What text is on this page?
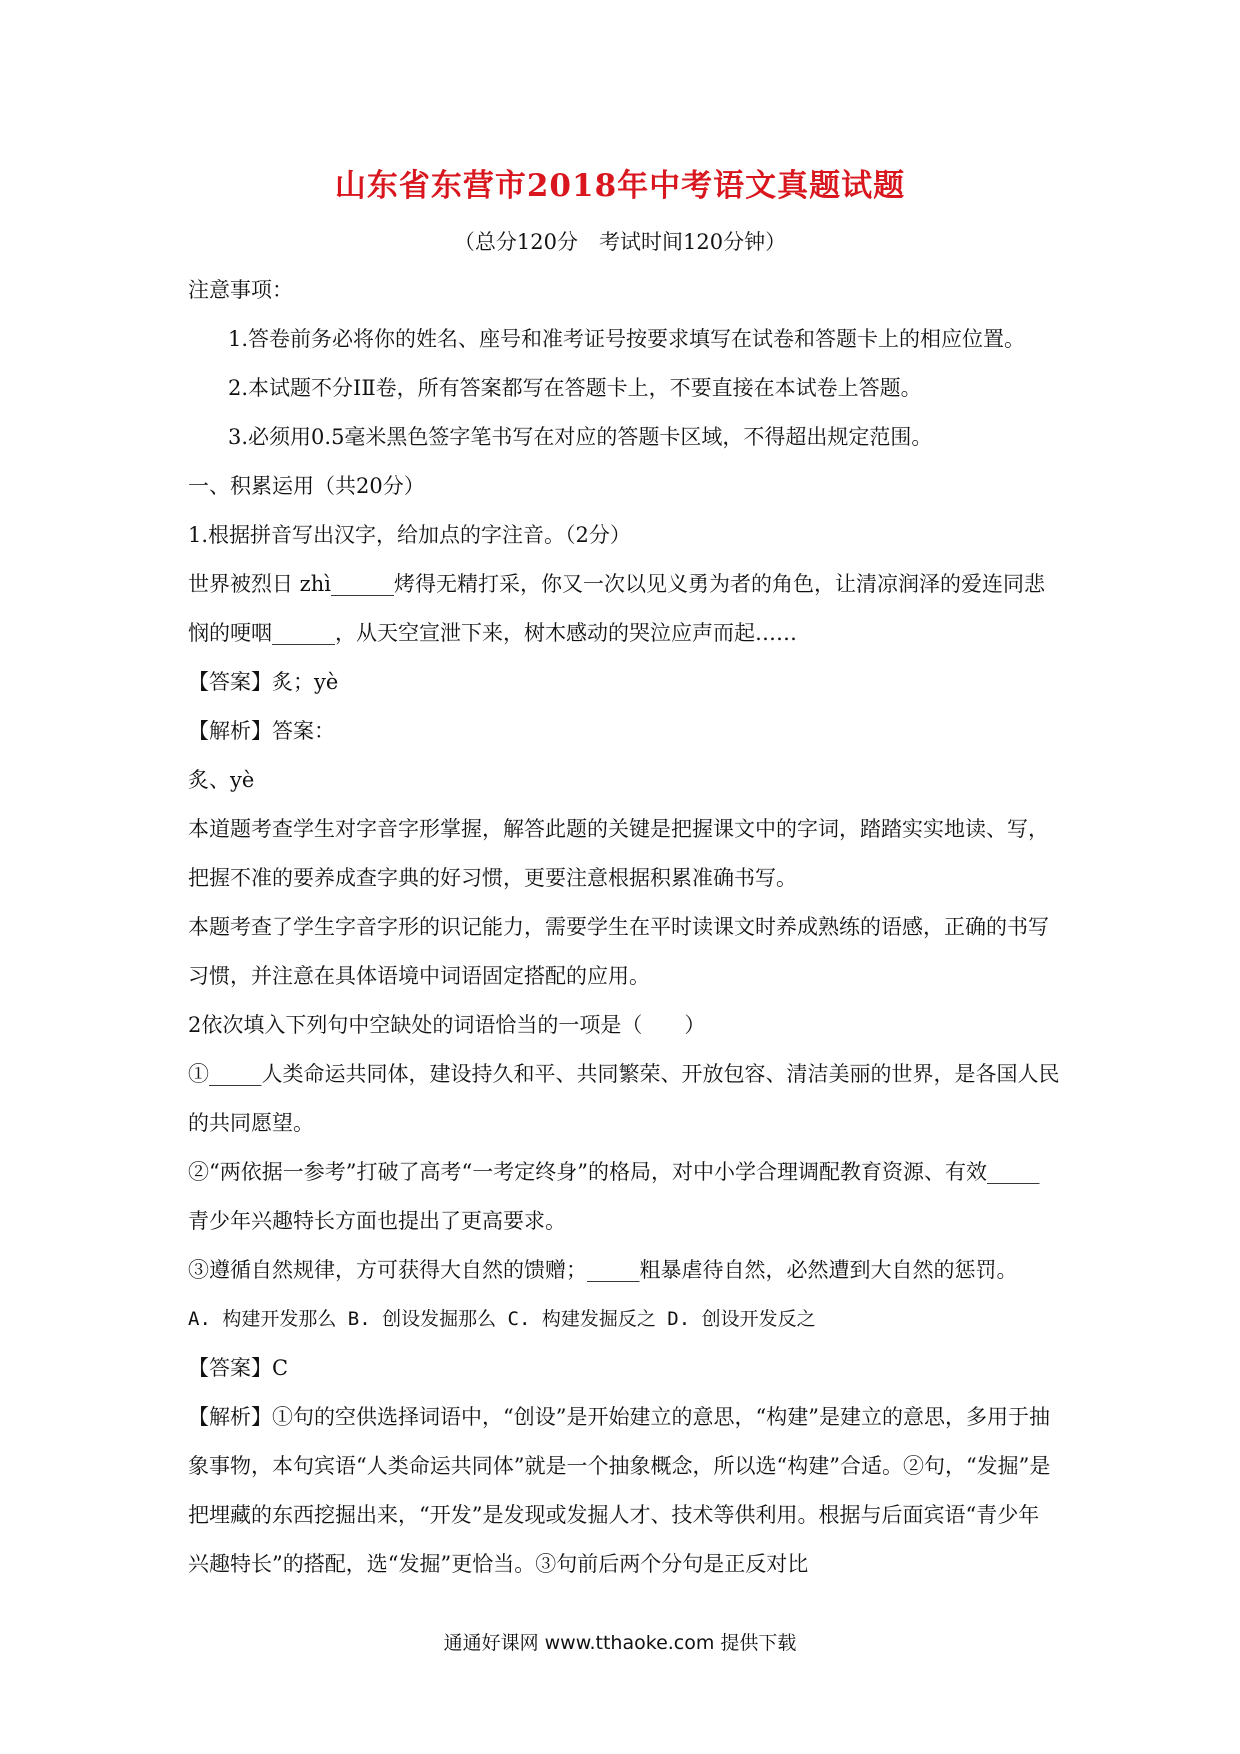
山东省东营市2018年中考语文真题试题
（总分120分　考试时间120分钟）

注意事项：

1.答卷前务必将你的姓名、座号和准考证号按要求填写在试卷和答题卡上的相应位置。

2.本试题不分ⅠⅡ卷，所有答案都写在答题卡上，不要直接在本试卷上答题。

3.必须用0.5毫米黑色签字笔书写在对应的答题卡区域，不得超出规定范围。

一、积累运用（共20分）

1.根据拼音写出汉字，给加点的字注音。（2分）

世界被烈日 zhì______烤得无精打采，你又一次以见义勇为者的角色，让清凉润泽的爱连同悲悯的哽咽______，从天空宣泄下来，树木感动的哭泣应声而起……

【答案】炙；yè

【解析】答案：

炙、yè

本道题考查学生对字音字形掌握，解答此题的关键是把握课文中的字词，踏踏实实地读、写，把握不准的要养成查字典的好习惯，更要注意根据积累准确书写。

本题考查了学生字音字形的识记能力，需要学生在平时读课文时养成熟练的语感，正确的书写习惯，并注意在具体语境中词语固定搭配的应用。

2依次填入下列句中空缺处的词语恰当的一项是（　　）

①_____人类命运共同体，建设持久和平、共同繁荣、开放包容、清洁美丽的世界，是各国人民的共同愿望。

②“两依据一参考”打破了高考“一考定终身”的格局，对中小学合理调配教育资源、有效_____青少年兴趣特长方面也提出了更高要求。

③遵循自然规律，方可获得大自然的馈赠；_____粗暴虐待自然，必然遭到大自然的惩罚。

A. 构建开发那么 B. 创设发掘那么 C. 构建发掘反之 D. 创设开发反之

【答案】C

【解析】①句的空供选择词语中，“创设”是开始建立的意思，“构建”是建立的意思，多用于抽象事物，本句宾语“人类命运共同体”就是一个抽象概念，所以选“构建”合适。②句，“发掘”是把埋藏的东西挖掘出来，“开发”是发现或发掘人才、技术等供利用。根据与后面宾语“青少年兴趣特长”的搭配，选“发掘”更恰当。③句前后两个分句是正反对比

通通好课网 www.tthaoke.com 提供下载
